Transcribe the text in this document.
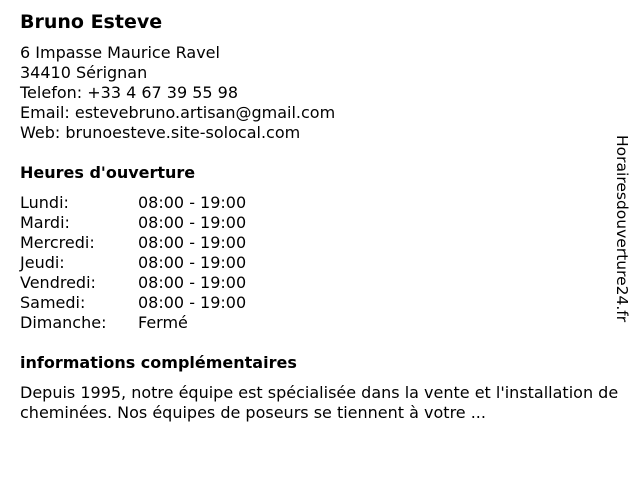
Bruno Esteve
6 Impasse Maurice Ravel
34410 Sérignan
Telefon: +33 4 67 39 55 98
Email: estevebruno.artisan@gmail.com
Web: brunoesteve.site-solocal.com
Heures d'ouverture
Lundi:	08:00 - 19:00
Mardi:	08:00 - 19:00
Mercredi:	08:00 - 19:00
Jeudi:	08:00 - 19:00
Vendredi:	08:00 - 19:00
Samedi:	08:00 - 19:00
Dimanche:	Fermé
informations complémentaires
Depuis 1995, notre équipe est spécialisée dans la vente et l'installation de cheminées. Nos équipes de poseurs se tiennent à votre ...
Horairesdouverture24.fr
